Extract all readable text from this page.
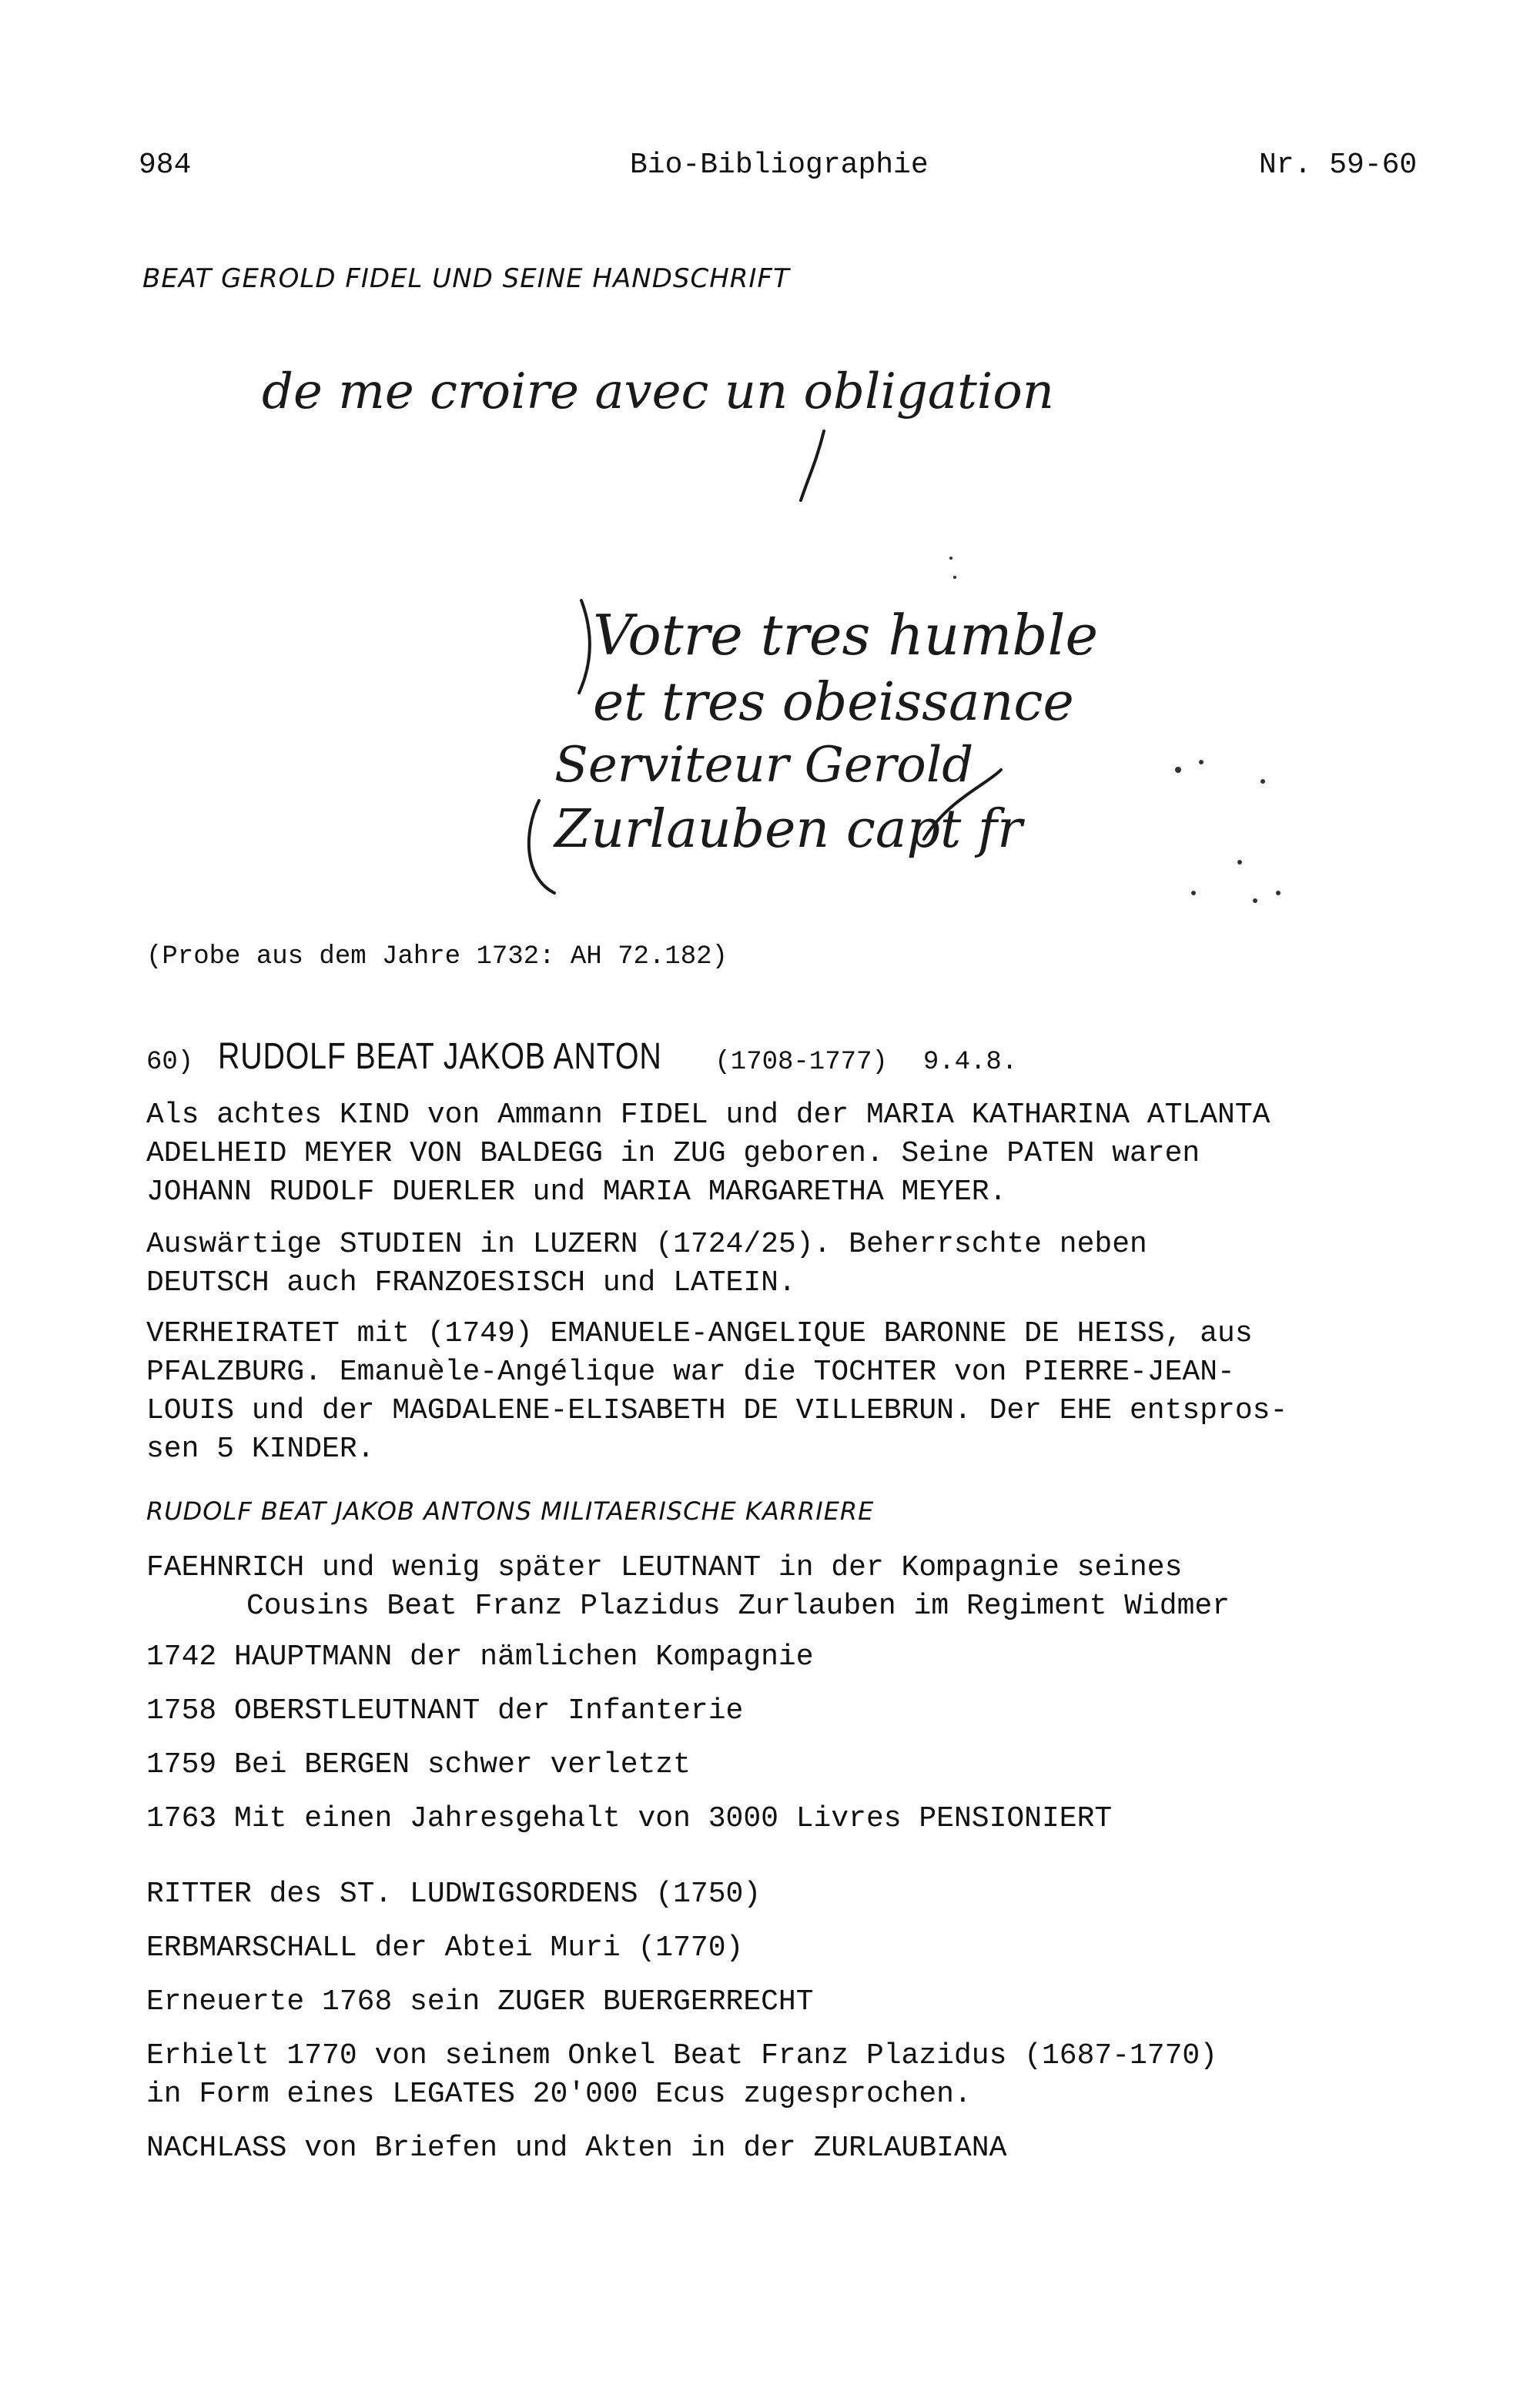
984	Bio-Bibliographie	Nr. 59-60
BEAT GEROLD FIDEL UND SEINE HANDSCHRIFT
de me croire avec un obligation
Votre tres humble
et tres obeissance
Serviteur Gerold
Zurlauben capt fr
(Probe aus dem Jahre 1732: AH 72.182)
60) RUDOLF BEAT JAKOB ANTON (1708-1777) 9.4.8.
Als achtes KIND von Ammann FIDEL und der MARIA KATHARINA ATLANTA
ADELHEID MEYER VON BALDEGG in ZUG geboren. Seine PATEN waren
JOHANN RUDOLF DUERLER und MARIA MARGARETHA MEYER.
Auswärtige STUDIEN in LUZERN (1724/25). Beherrschte neben
DEUTSCH auch FRANZOESISCH und LATEIN.
VERHEIRATET mit (1749) EMANUELE-ANGELIQUE BARONNE DE HEISS, aus
PFALZBURG. Emanuèle-Angélique war die TOCHTER von PIERRE-JEAN-
LOUIS und der MAGDALENE-ELISABETH DE VILLEBRUN. Der EHE entspros-
sen 5 KINDER.
RUDOLF BEAT JAKOB ANTONS MILITAERISCHE KARRIERE
FAEHNRICH und wenig später LEUTNANT in der Kompagnie seines
Cousins Beat Franz Plazidus Zurlauben im Regiment Widmer
1742 HAUPTMANN der nämlichen Kompagnie
1758 OBERSTLEUTNANT der Infanterie
1759 Bei BERGEN schwer verletzt
1763 Mit einen Jahresgehalt von 3000 Livres PENSIONIERT
RITTER des ST. LUDWIGSORDENS (1750)
ERBMARSCHALL der Abtei Muri (1770)
Erneuerte 1768 sein ZUGER BUERGERRECHT
Erhielt 1770 von seinem Onkel Beat Franz Plazidus (1687-1770)
in Form eines LEGATES 20'000 Ecus zugesprochen.
NACHLASS von Briefen und Akten in der ZURLAUBIANA
